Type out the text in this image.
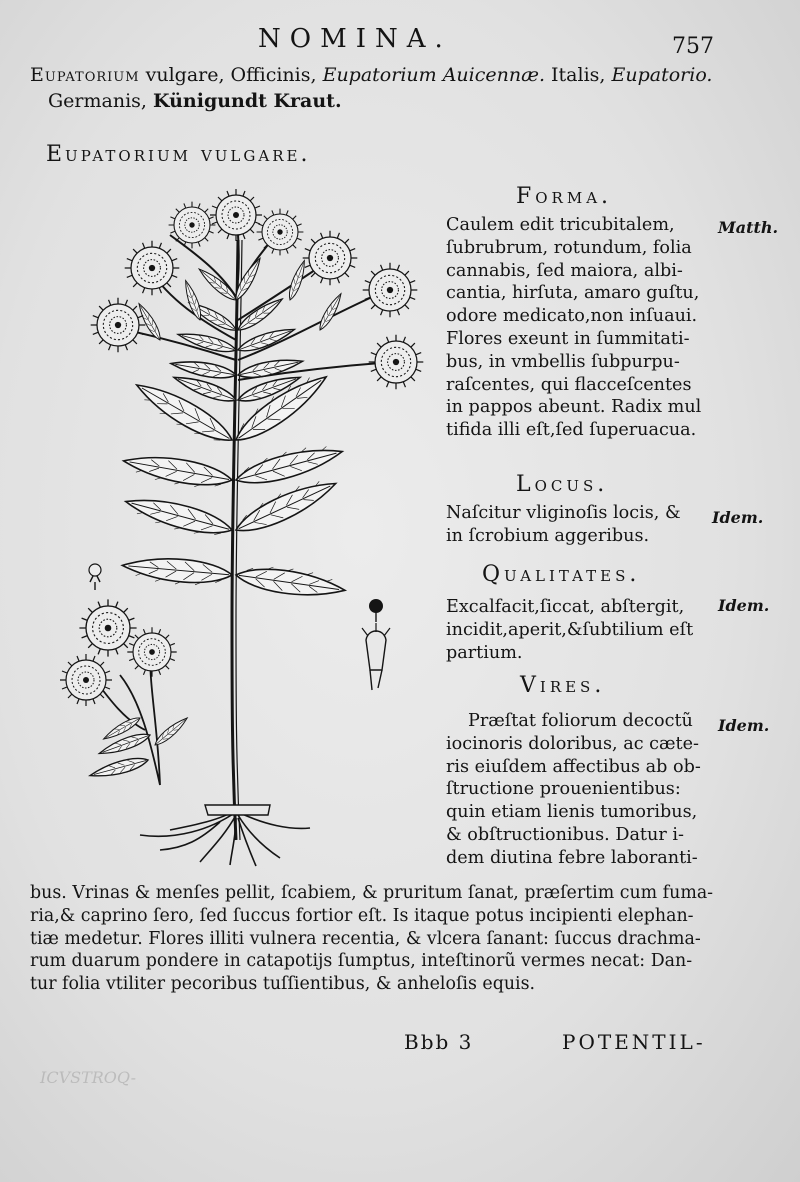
ICVSTROQ-
NOMINA.	757
Eupatorium vulgare, Officinis, Eupatorium Auicennæ. Italis, Eupatorio.
Germanis, Künigundt Kraut.
Eupatorium vulgare.
Forma.
Caulem edit tricubitalem,
ſubrubrum, rotundum, folia
cannabis, ſed maiora, albi-
cantia, hirſuta, amaro guſtu,
odore medicato,non inſuaui.
Flores exeunt in ſummitati-
bus, in vmbellis ſubpurpu-
raſcentes, qui flacceſcentes
in pappos abeunt. Radix mul
tifida illi eſt,ſed ſuperuacua.
Matth.
Locus.
Naſcitur vliginoſis locis, &
in ſcrobium aggeribus.
Idem.
Qualitates.
Excalfacit,ſiccat, abſtergit,
incidit,aperit,&ſubtilium eſt
partium.
Idem.
Vires.
Præſtat foliorum decoctũ
iocinoris doloribus, ac cæte-
ris eiuſdem affectibus ab ob-
ſtructione prouenientibus:
quin etiam lienis tumoribus,
& obſtructionibus. Datur i-
dem diutina febre laboranti-
Idem.
bus. Vrinas & menſes pellit, ſcabiem, & pruritum ſanat, præſertim cum fuma-
ria,& caprino ſero, ſed ſuccus fortior eſt. Is itaque potus incipienti elephan-
tiæ medetur. Flores illiti vulnera recentia, & vlcera ſanant: ſuccus drachma-
rum duarum pondere in catapotijs ſumptus, inteſtinorũ vermes necat: Dan-
tur folia vtiliter pecoribus tuſſientibus, & anheloſis equis.
Bbb 3	POTENTIL-
